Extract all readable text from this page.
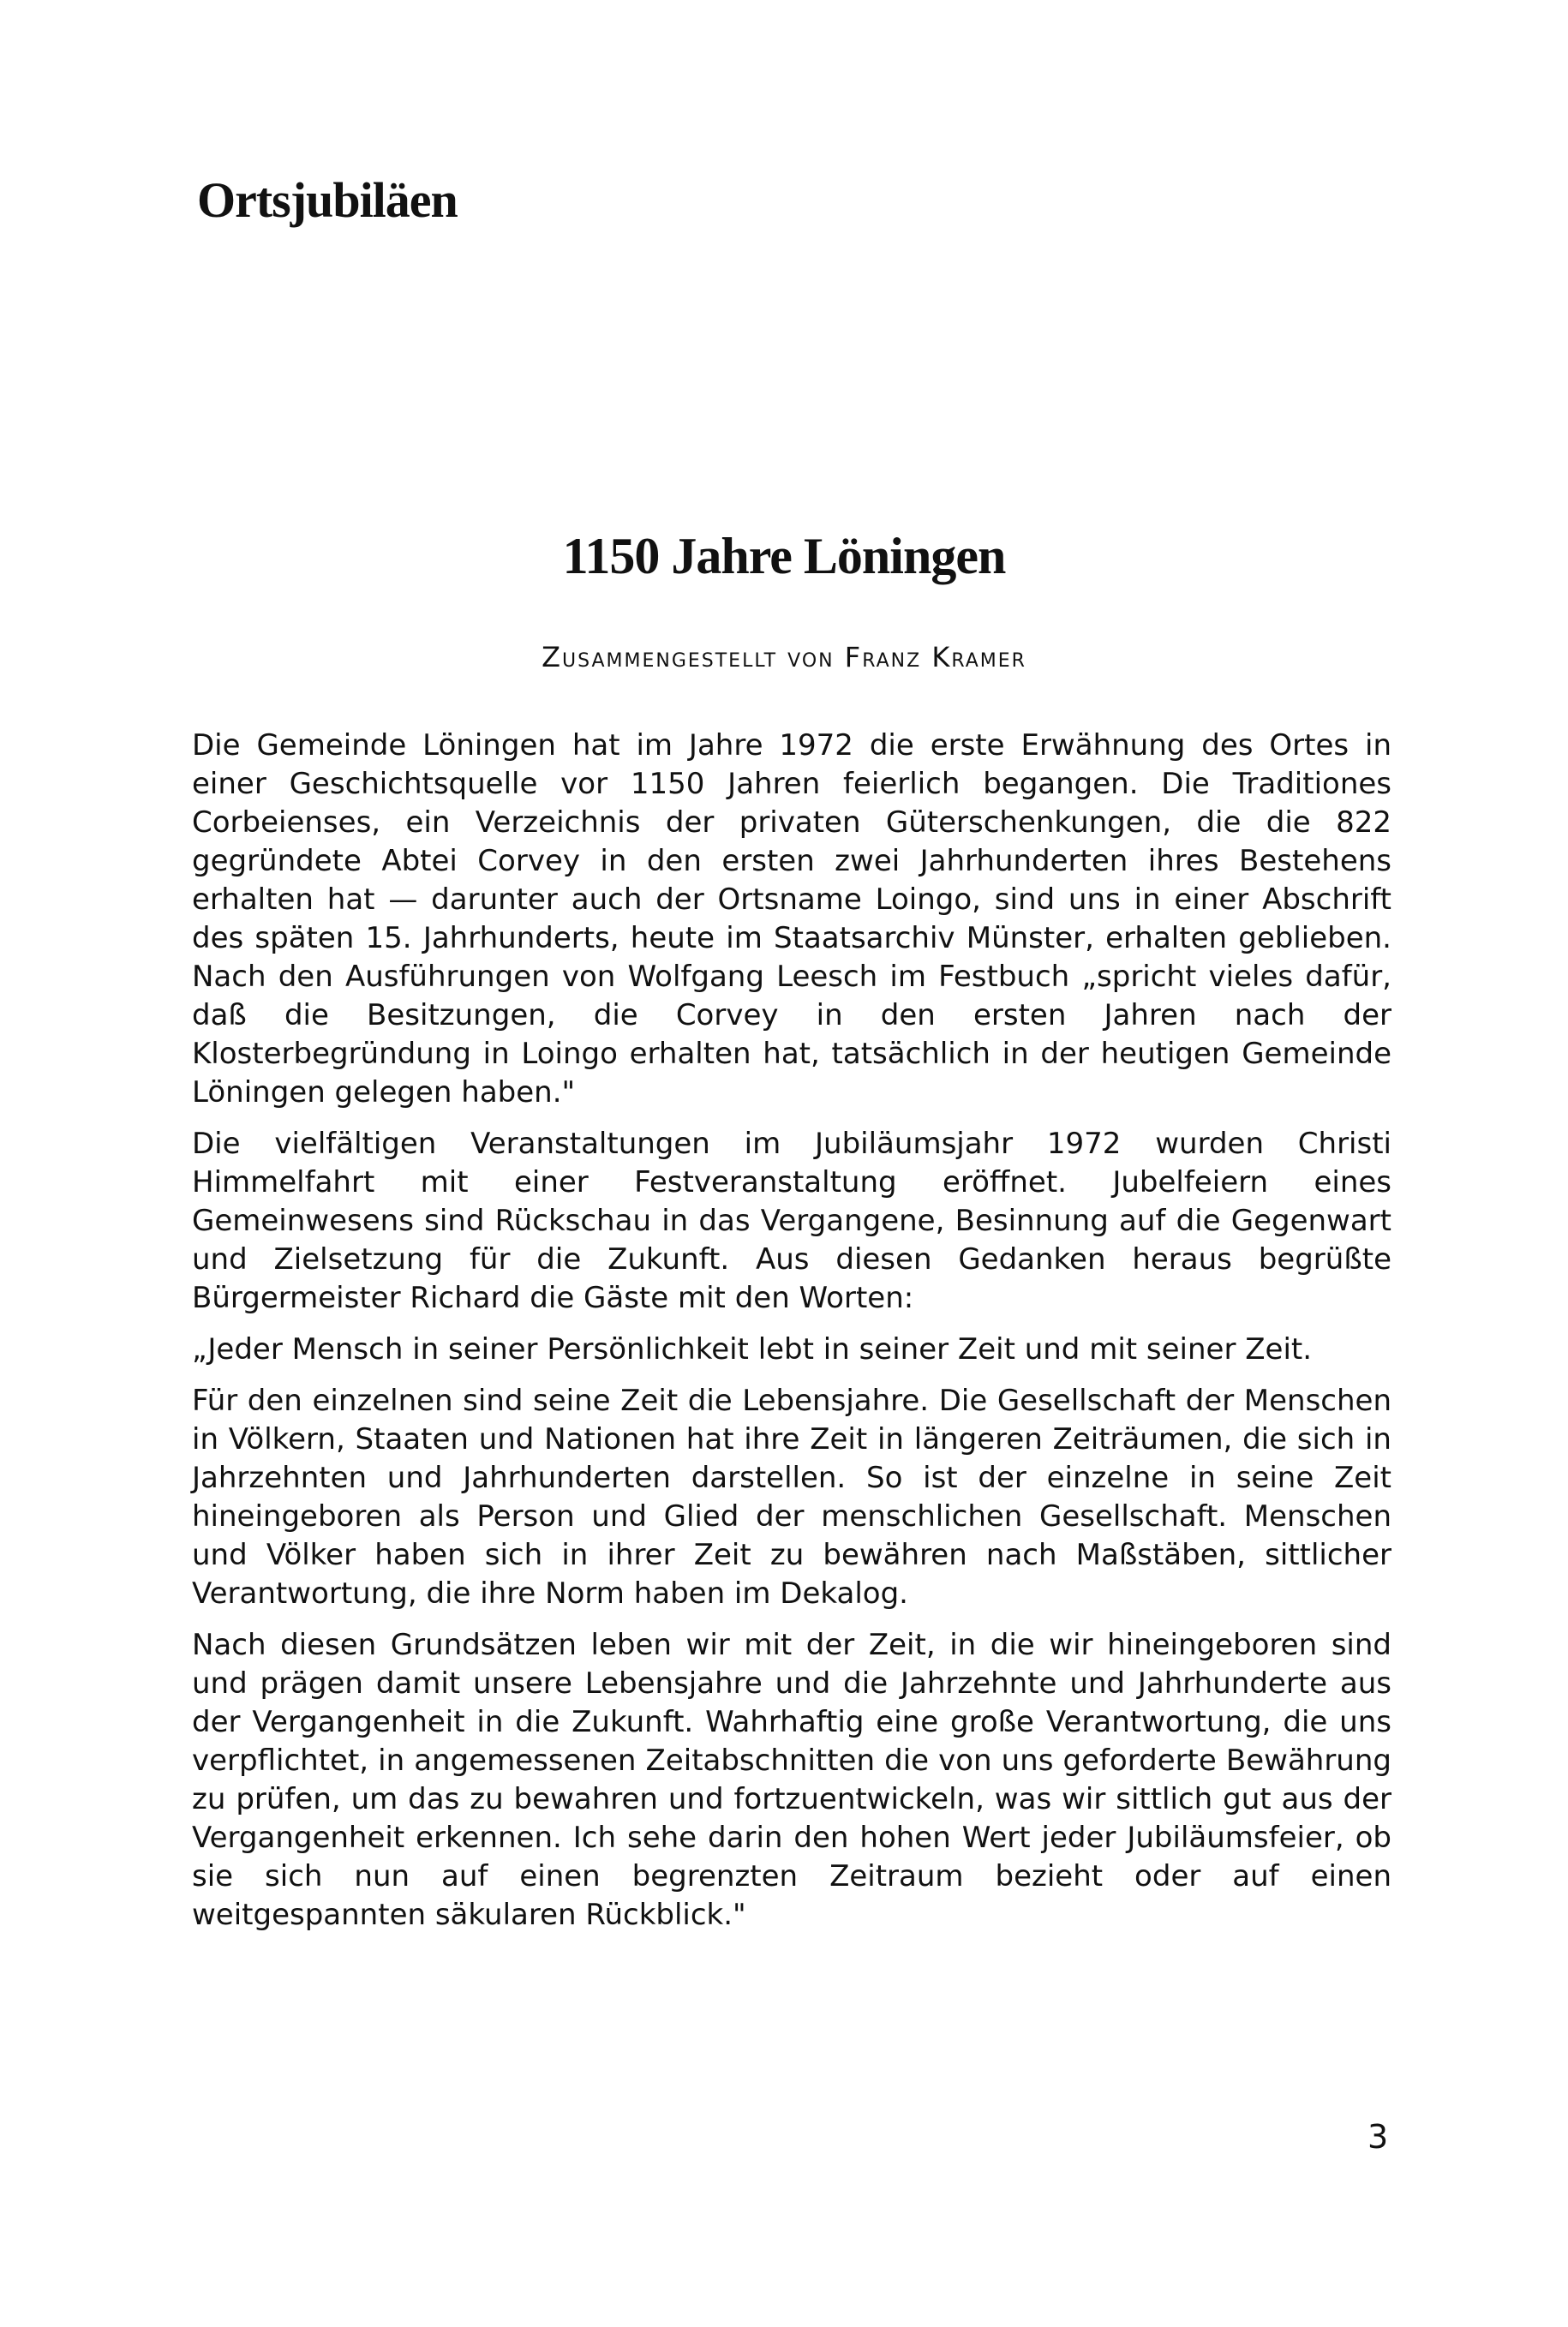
Ortsjubiläen
1150 Jahre Löningen
Zusammengestellt von Franz Kramer

Die Gemeinde Löningen hat im Jahre 1972 die erste Erwähnung des Ortes in einer Geschichtsquelle vor 1150 Jahren feierlich begangen. Die Traditiones Corbeienses, ein Verzeichnis der privaten Güterschenkungen, die die 822 gegründete Abtei Corvey in den ersten zwei Jahrhunderten ihres Bestehens erhalten hat — darunter auch der Ortsname Loingo, sind uns in einer Abschrift des späten 15. Jahrhunderts, heute im Staatsarchiv Münster, erhalten geblieben. Nach den Ausführungen von Wolfgang Leesch im Festbuch „spricht vieles dafür, daß die Besitzungen, die Corvey in den ersten Jahren nach der Klosterbegründung in Loingo erhalten hat, tatsächlich in der heutigen Gemeinde Löningen gelegen haben."

Die vielfältigen Veranstaltungen im Jubiläumsjahr 1972 wurden Christi Himmelfahrt mit einer Festveranstaltung eröffnet. Jubelfeiern eines Gemeinwesens sind Rückschau in das Vergangene, Besinnung auf die Gegenwart und Zielsetzung für die Zukunft. Aus diesen Gedanken heraus begrüßte Bürgermeister Richard die Gäste mit den Worten:

„Jeder Mensch in seiner Persönlichkeit lebt in seiner Zeit und mit seiner Zeit.

Für den einzelnen sind seine Zeit die Lebensjahre. Die Gesellschaft der Menschen in Völkern, Staaten und Nationen hat ihre Zeit in längeren Zeiträumen, die sich in Jahrzehnten und Jahrhunderten darstellen. So ist der einzelne in seine Zeit hineingeboren als Person und Glied der menschlichen Gesellschaft. Menschen und Völker haben sich in ihrer Zeit zu bewähren nach Maßstäben, sittlicher Verantwortung, die ihre Norm haben im Dekalog.

Nach diesen Grundsätzen leben wir mit der Zeit, in die wir hineingeboren sind und prägen damit unsere Lebensjahre und die Jahrzehnte und Jahrhunderte aus der Vergangenheit in die Zukunft. Wahrhaftig eine große Verantwortung, die uns verpflichtet, in angemessenen Zeitabschnitten die von uns geforderte Bewährung zu prüfen, um das zu bewahren und fortzuentwickeln, was wir sittlich gut aus der Vergangenheit erkennen. Ich sehe darin den hohen Wert jeder Jubiläumsfeier, ob sie sich nun auf einen begrenzten Zeitraum bezieht oder auf einen weitgespannten säkularen Rückblick."

3
